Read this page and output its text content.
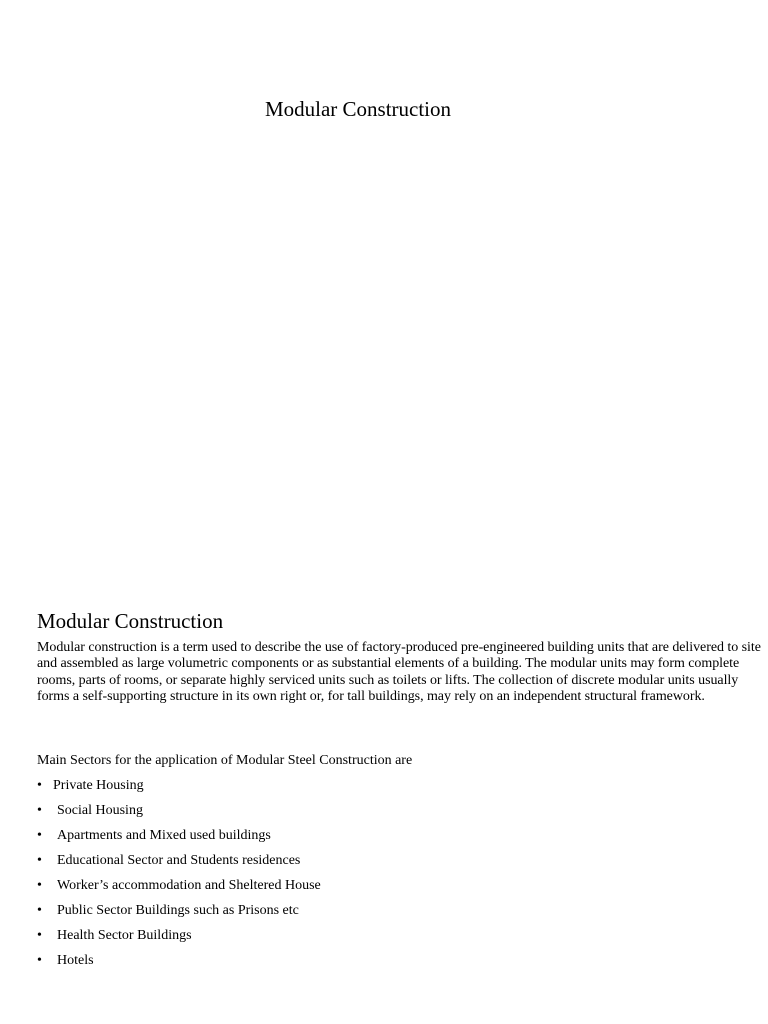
Modular Construction
Modular Construction
Modular construction is a term used to describe the use of factory-produced pre-engineered building units that are delivered to site and assembled as large volumetric components or as substantial elements of a building. The modular units may form complete rooms, parts of rooms, or separate highly serviced units such as toilets or lifts. The collection of discrete modular units usually forms a self-supporting structure in its own right or, for tall buildings, may rely on an independent structural framework.
Main Sectors for the application of Modular Steel Construction are
• Private Housing
• Social Housing
• Apartments and Mixed used buildings
• Educational Sector and Students residences
• Worker’s accommodation and Sheltered House
• Public Sector Buildings such as Prisons etc
• Health Sector Buildings
• Hotels
